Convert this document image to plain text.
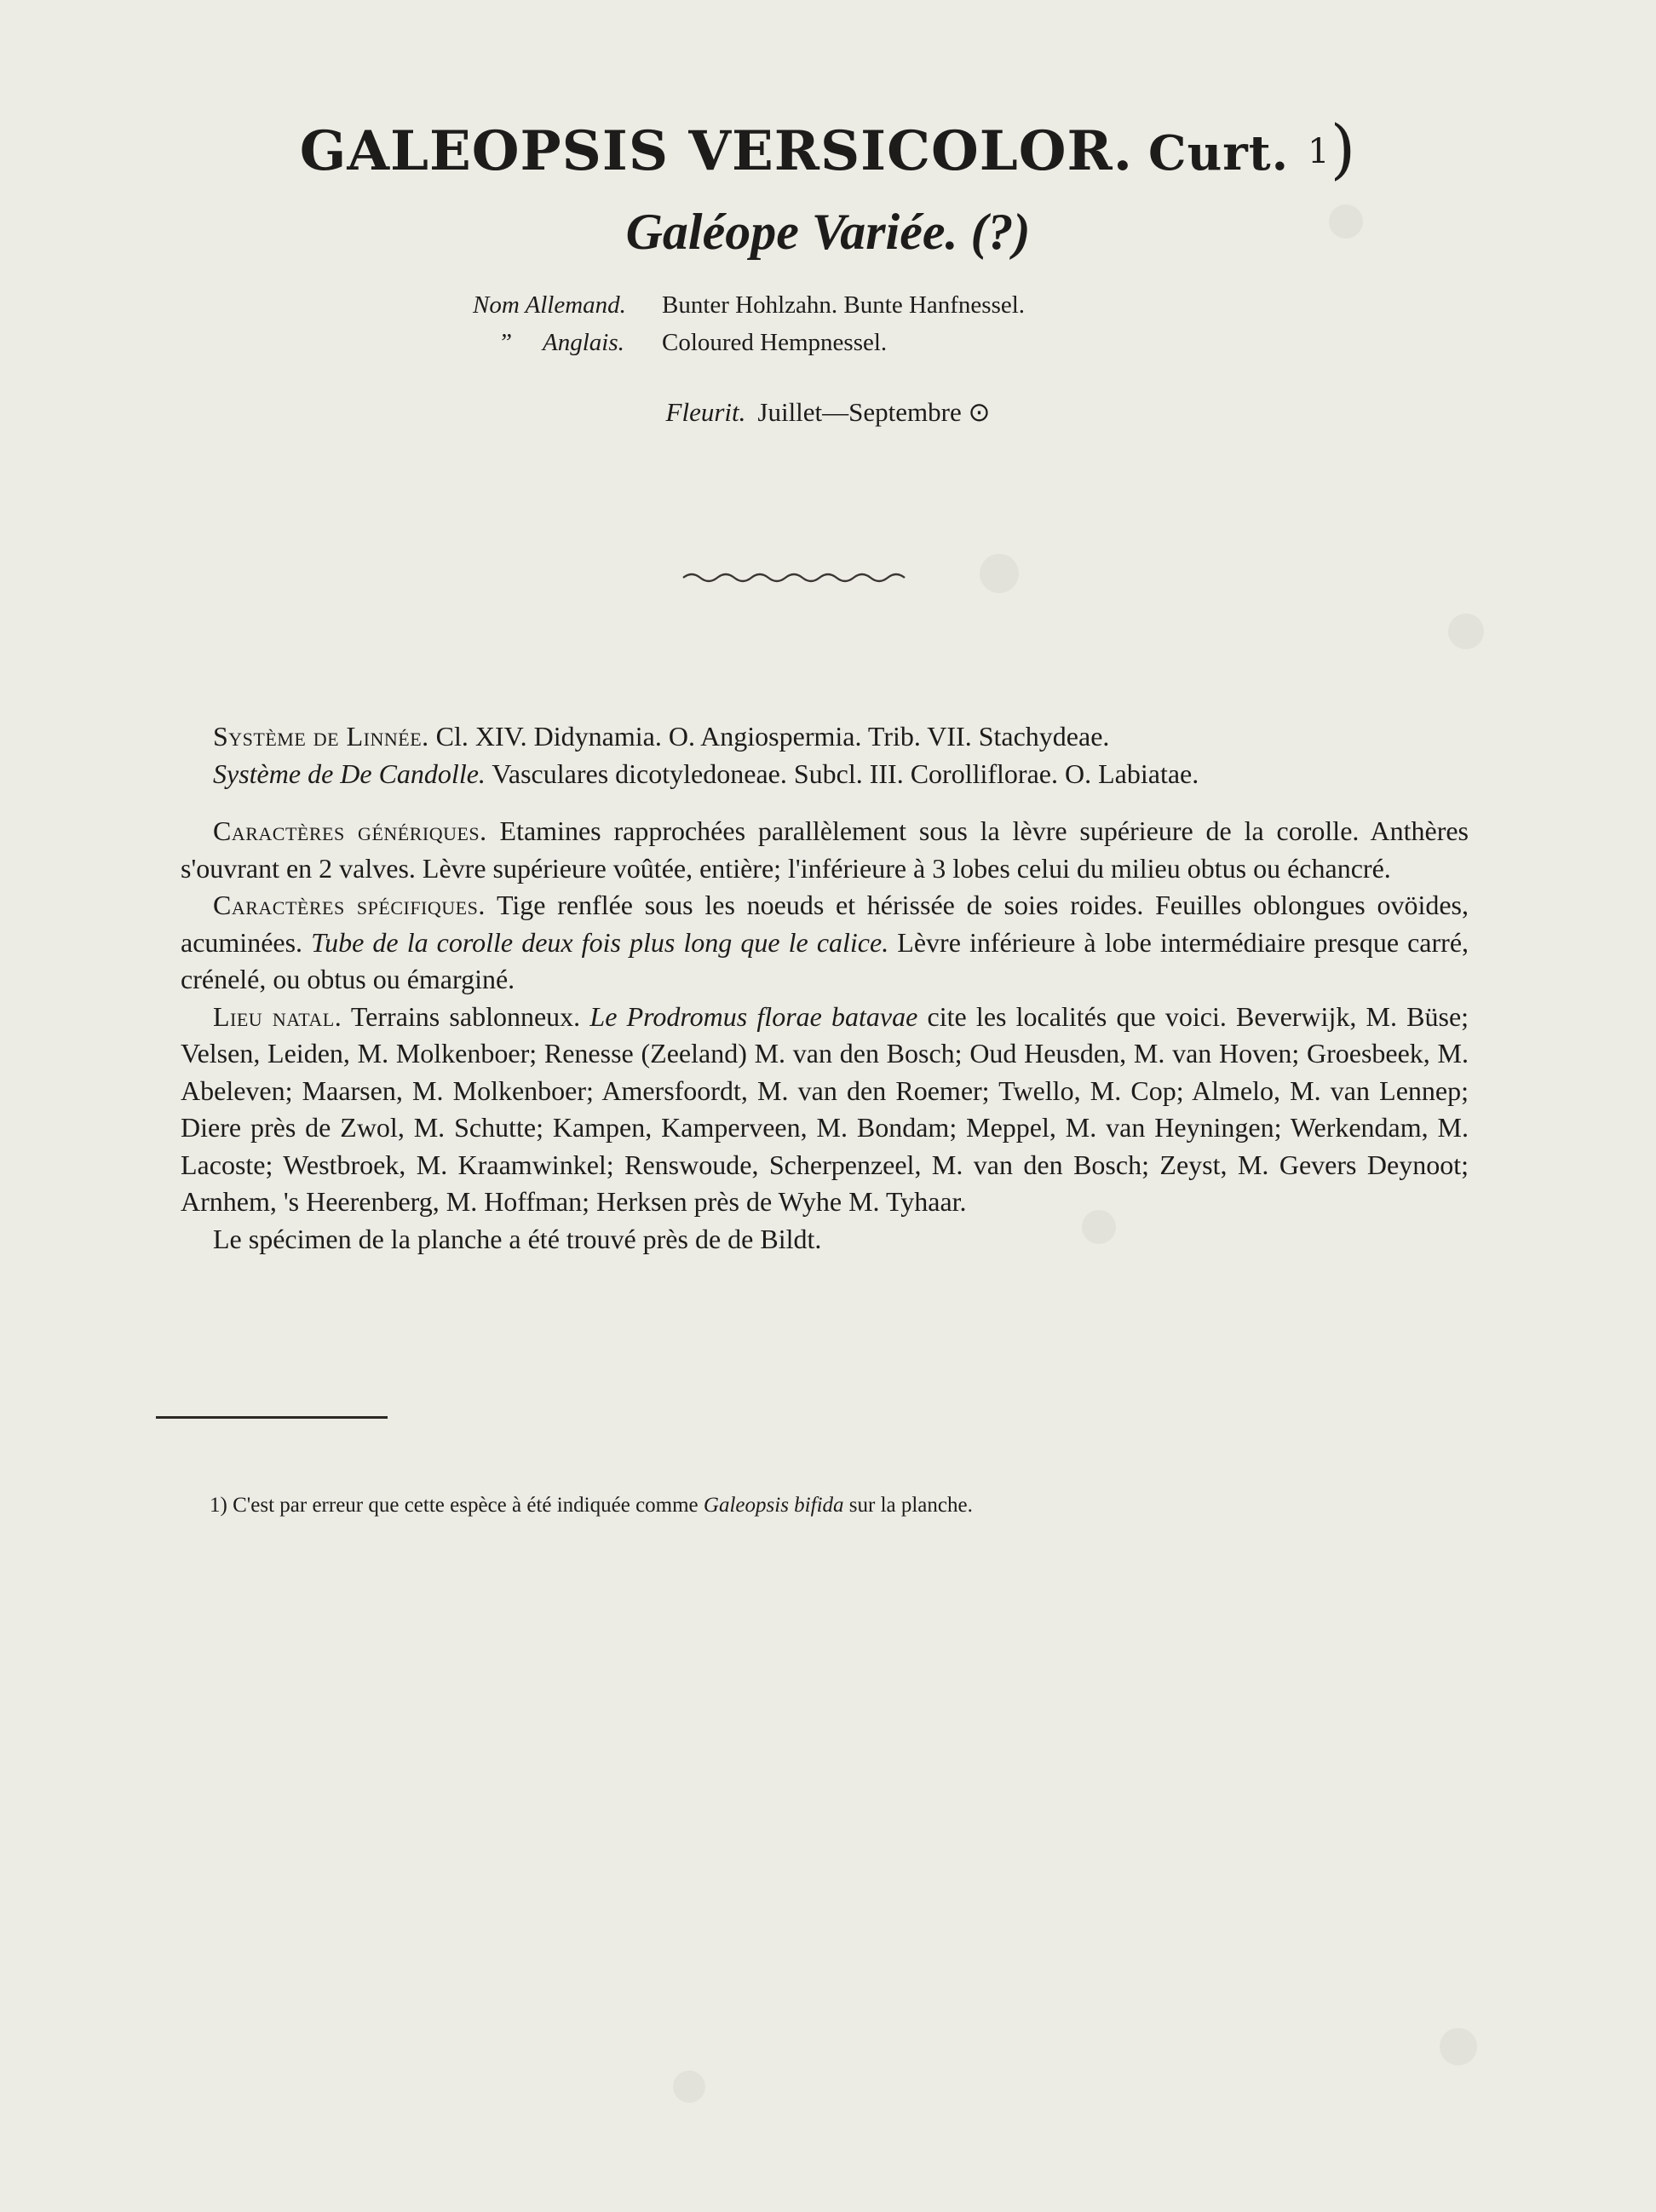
GALEOPSIS VERSICOLOR. Curt. 1)
Galéope Variée. (?)
Nom Allemand. Bunter Hohlzahn. Bunte Hanfnessel.
” Anglais. Coloured Hempnessel.
Fleurit. Juillet—Septembre ⊙

Système de Linnée. Cl. XIV. Didynamia. O. Angiospermia. Trib. VII. Stachydeae.

Système de De Candolle. Vasculares dicotyledoneae. Subcl. III. Corolliflorae. O. Labiatae.

Caractères génériques. Etamines rapprochées parallèlement sous la lèvre supérieure de la corolle. Anthères s'ouvrant en 2 valves. Lèvre supérieure voûtée, entière; l'inférieure à 3 lobes celui du milieu obtus ou échancré.

Caractères spécifiques. Tige renflée sous les noeuds et hérissée de soies roides. Feuilles oblongues ovöides, acuminées. Tube de la corolle deux fois plus long que le calice. Lèvre inférieure à lobe intermédiaire presque carré, crénelé, ou obtus ou émarginé.

Lieu natal. Terrains sablonneux. Le Prodromus florae batavae cite les localités que voici. Beverwijk, M. Büse; Velsen, Leiden, M. Molkenboer; Renesse (Zeeland) M. van den Bosch; Oud Heusden, M. van Hoven; Groesbeek, M. Abeleven; Maarsen, M. Molkenboer; Amersfoordt, M. van den Roemer; Twello, M. Cop; Almelo, M. van Lennep; Diere près de Zwol, M. Schutte; Kampen, Kamperveen, M. Bondam; Meppel, M. van Heyningen; Werkendam, M. Lacoste; Westbroek, M. Kraamwinkel; Renswoude, Scherpenzeel, M. van den Bosch; Zeyst, M. Gevers Deynoot; Arnhem, 's Heerenberg, M. Hoffman; Herksen près de Wyhe M. Tyhaar.

Le spécimen de la planche a été trouvé près de de Bildt.

1) C'est par erreur que cette espèce à été indiquée comme Galeopsis bifida sur la planche.
